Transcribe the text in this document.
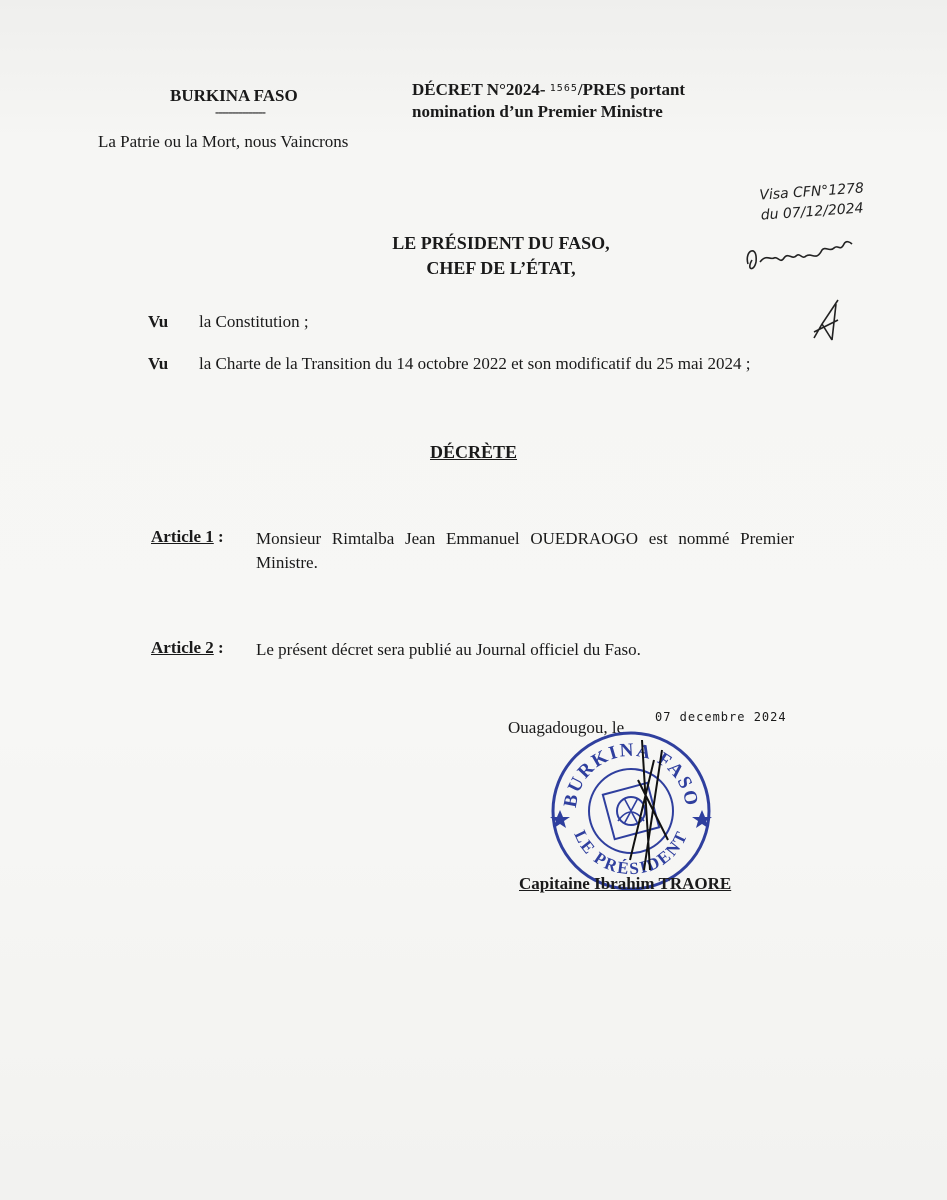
BURKINA FASO
---------------
La Patrie ou la Mort, nous Vaincrons
DÉCRET N°2024- $^{1565}$/PRES portant
nomination d’un Premier Ministre
Visa CFN°1278
du 07/12/2024
LE PRÉSIDENT DU FASO,
CHEF DE L’ÉTAT,
Vu la Constitution ;
Vu la Charte de la Transition du 14 octobre 2022 et son modificatif du 25 mai 2024 ;
DÉCRÈTE
Article 1 : Monsieur Rimtalba Jean Emmanuel OUEDRAOGO est nommé Premier Ministre.
Article 2 : Le présent décret sera publié au Journal officiel du Faso.
Ouagadougou, le
07 decembre 2024
BURKINA FASO
LE PRÉSIDENT
Capitaine Ibrahim TRAORE
